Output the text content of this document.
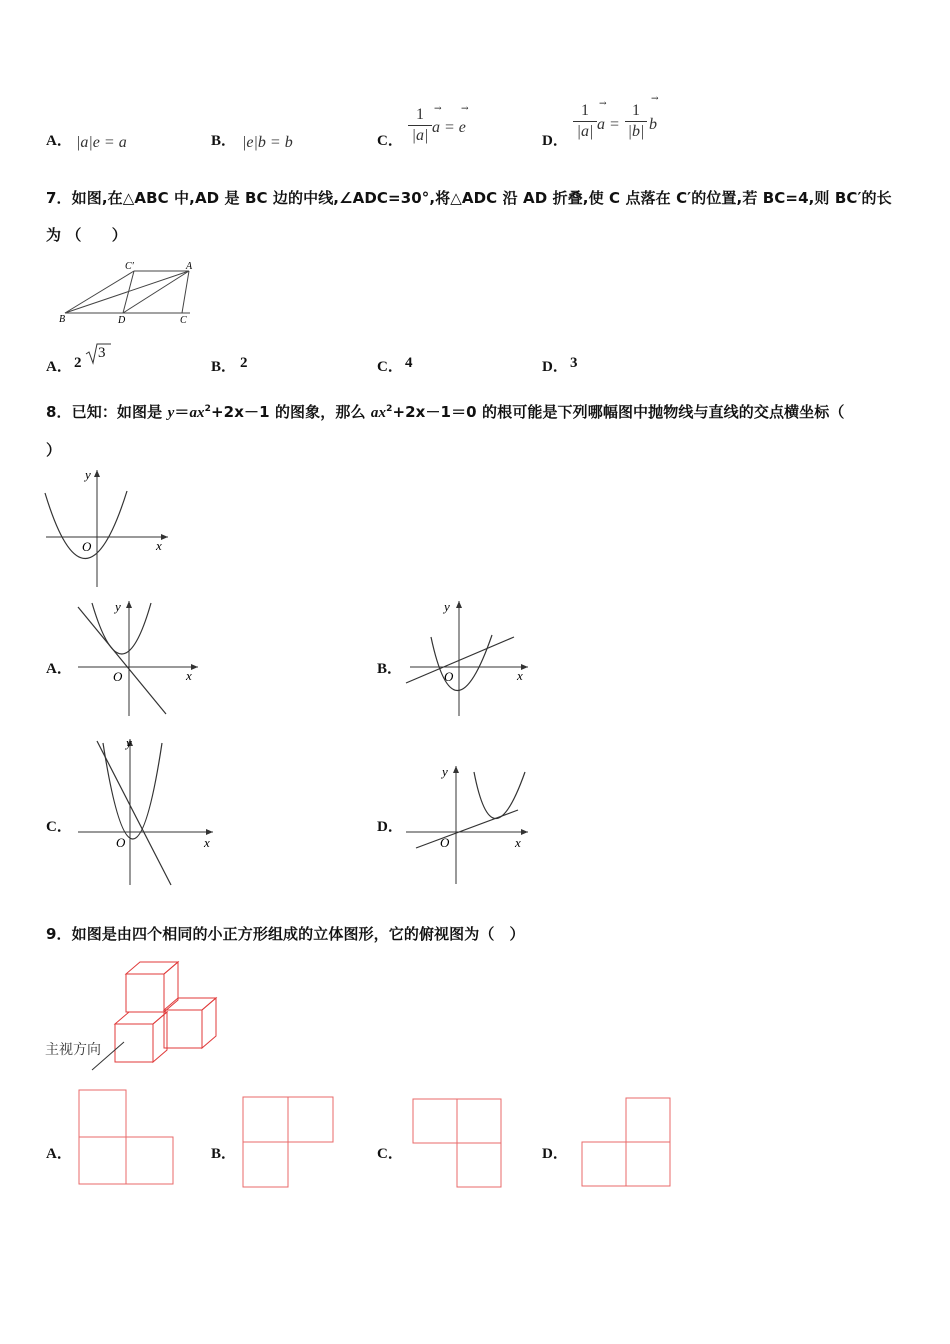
A． |a|e = a	B． |e|b = b	C．
1
|a| a = e
→ →
D．
1
|a| a =
1
|b| b
→	→
7．如图,在△ABC 中,AD 是 BC 边的中线,∠ADC=30°,将△ADC 沿 AD 折叠,使 C 点落在 C′的位置,若 BC=4,则 BC′的长
为 （　　）
C′	A
B	D	C
A． 2
3
B． 2	C． 4	D． 3
8．已知：如图是 $y=ax^2+2x-1$ 的图象，那么 $ax^2+2x-1=0$ 的根可能是下列哪幅图中抛物线与直线的交点横坐标（
）
y
x
O
A．
y
x
O	B．
y
x
O
C．
y
x
O
D．
y
x
O
9．如图是由四个相同的小正方形组成的立体图形，它的俯视图为（　）
主视方向
A．	B．	C．	D．
